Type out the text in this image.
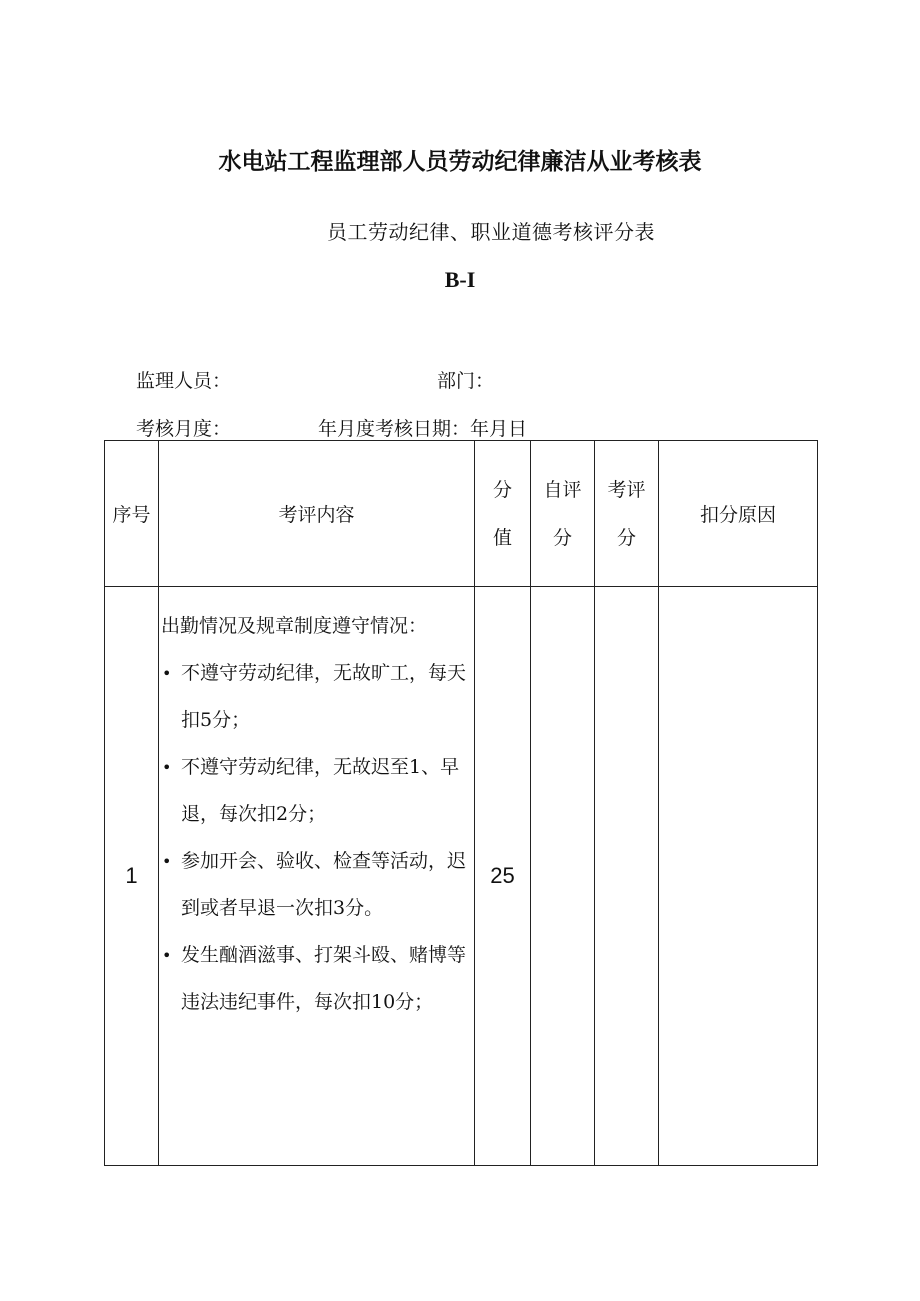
水电站工程监理部人员劳动纪律廉洁从业考核表
员工劳动纪律、职业道德考核评分表
B-I
监理人员：	部门：
考核月度：	年月度考核日期：年月日
序号	考评内容	分值	自评分	考评分	扣分原因
1	出勤情况及规章制度遵守情况：

• 不遵守劳动纪律，无故旷工，每天扣5分；

• 不遵守劳动纪律，无故迟至1、早退，每次扣2分；

• 参加开会、验收、检查等活动，迟到或者早退一次扣3分。

• 发生酗酒滋事、打架斗殴、赌博等违法违纪事件，每次扣10分；	25			
